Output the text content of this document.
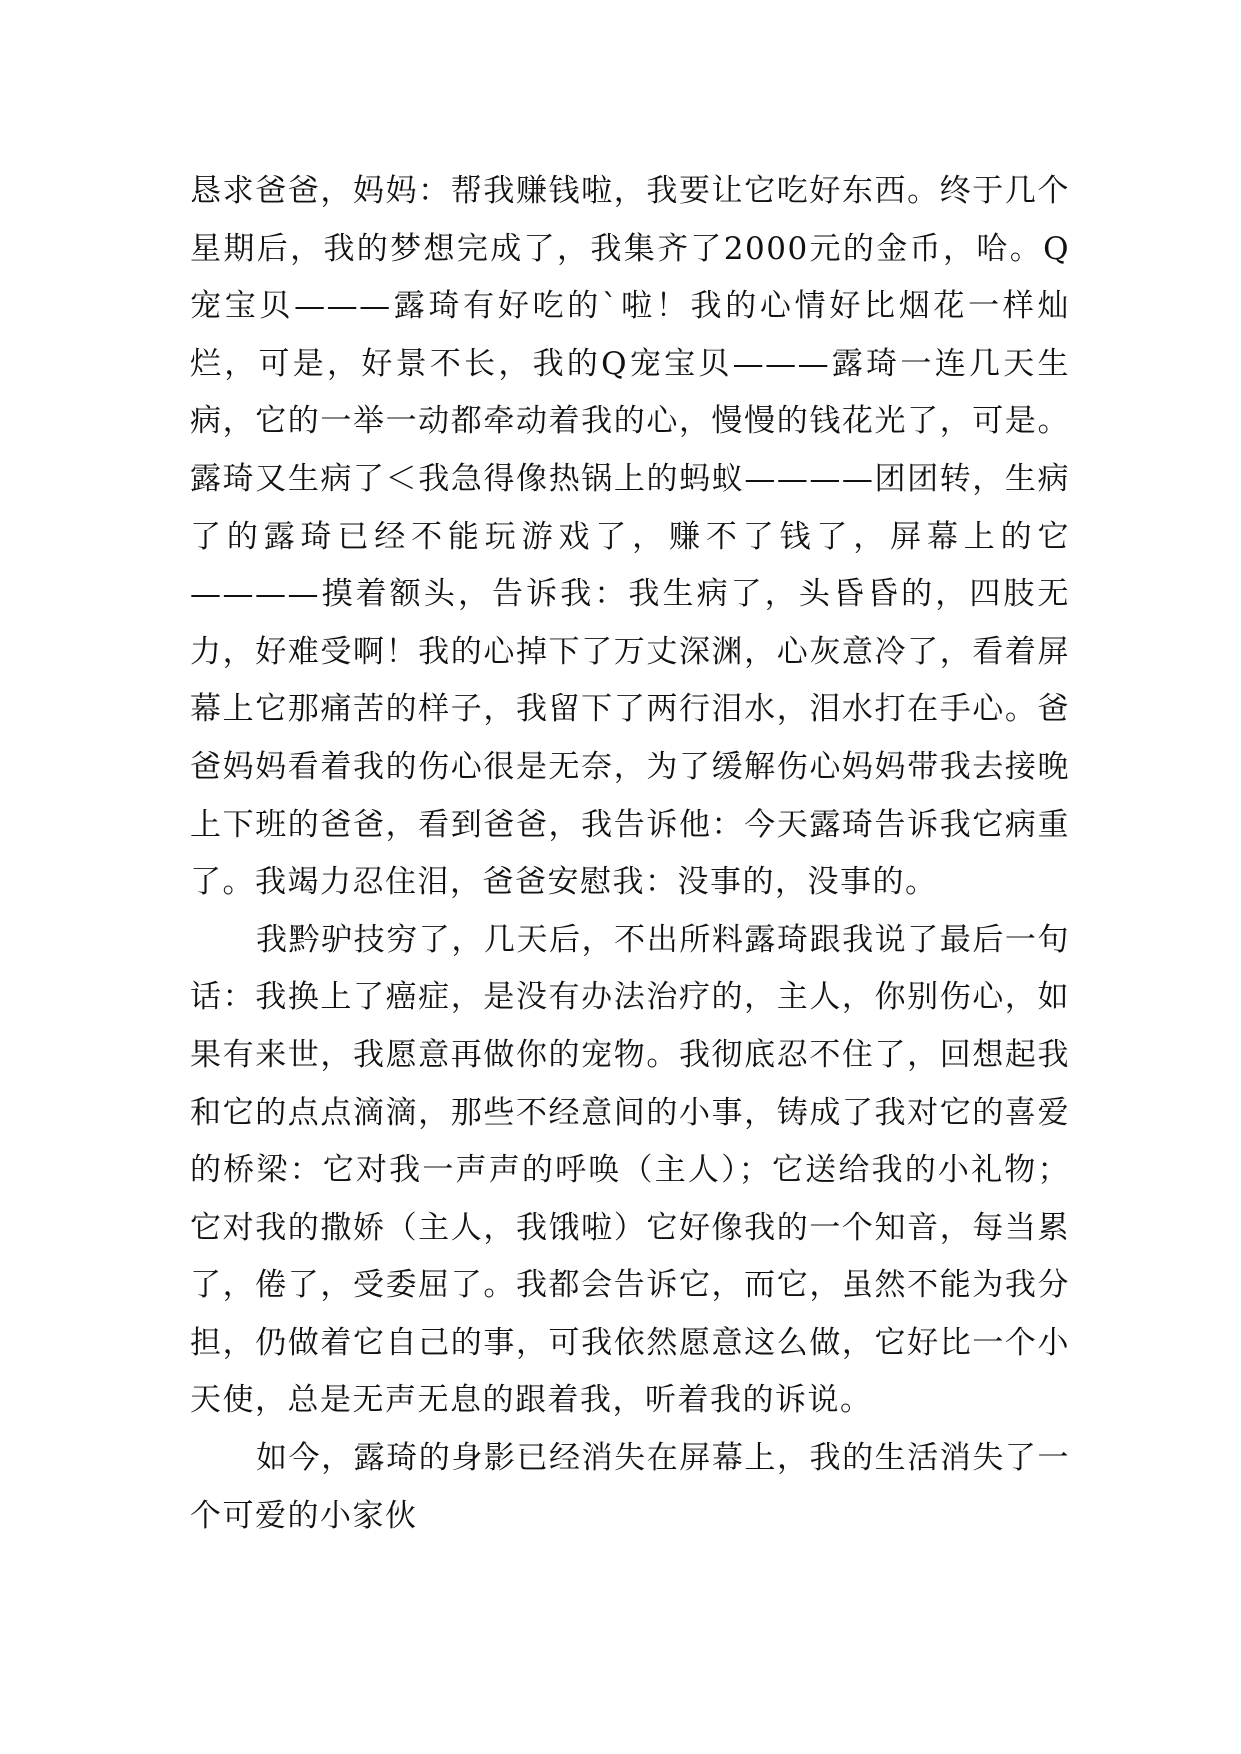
恳求爸爸，妈妈：帮我赚钱啦，我要让它吃好东西。终于几个星期后，我的梦想完成了，我集齐了2000元的金币，哈。Q宠宝贝———露琦有好吃的`啦！我的心情好比烟花一样灿烂，可是，好景不长，我的Q宠宝贝———露琦一连几天生病，它的一举一动都牵动着我的心，慢慢的钱花光了，可是。露琦又生病了＜我急得像热锅上的蚂蚁————团团转，生病了的露琦已经不能玩游戏了，赚不了钱了，屏幕上的它————摸着额头，告诉我：我生病了，头昏昏的，四肢无力，好难受啊！我的心掉下了万丈深渊，心灰意冷了，看着屏幕上它那痛苦的样子，我留下了两行泪水，泪水打在手心。爸爸妈妈看着我的伤心很是无奈，为了缓解伤心妈妈带我去接晚上下班的爸爸，看到爸爸，我告诉他：今天露琦告诉我它病重了。我竭力忍住泪，爸爸安慰我：没事的，没事的。

我黔驴技穷了，几天后，不出所料露琦跟我说了最后一句话：我换上了癌症，是没有办法治疗的，主人，你别伤心，如果有来世，我愿意再做你的宠物。我彻底忍不住了，回想起我和它的点点滴滴，那些不经意间的小事，铸成了我对它的喜爱的桥梁：它对我一声声的呼唤（主人）；它送给我的小礼物；它对我的撒娇（主人，我饿啦）它好像我的一个知音，每当累了，倦了，受委屈了。我都会告诉它，而它，虽然不能为我分担，仍做着它自己的事，可我依然愿意这么做，它好比一个小天使，总是无声无息的跟着我，听着我的诉说。

如今，露琦的身影已经消失在屏幕上，我的生活消失了一个可爱的小家伙
